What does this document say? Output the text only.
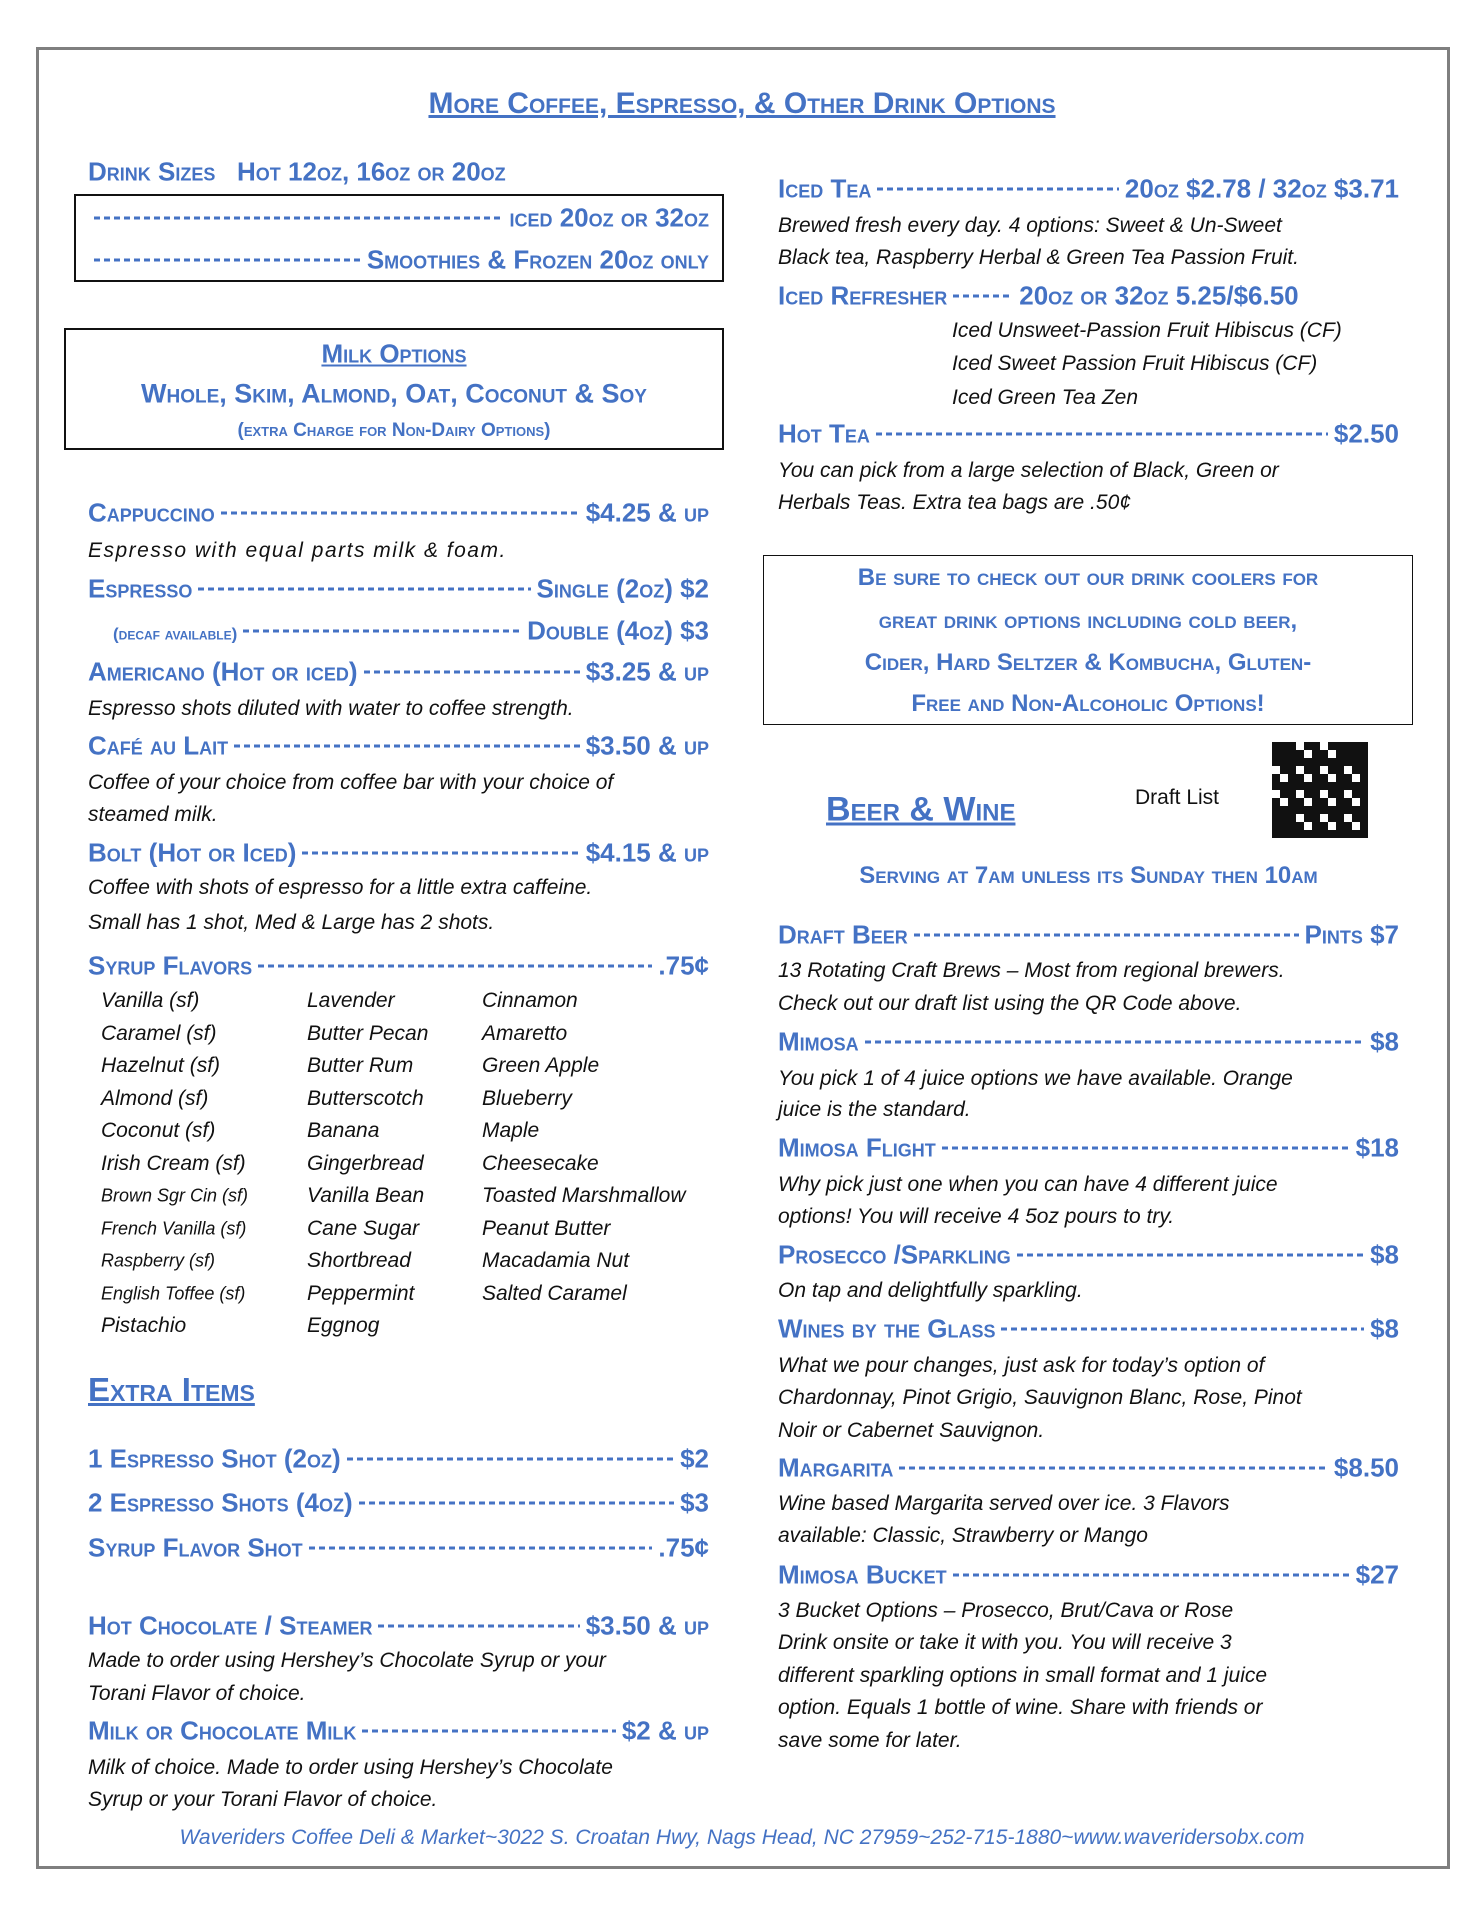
More Coffee, Espresso, & Other Drink Options
Drink Sizes Hot 12oz, 16oz or 20oz
iced 20oz or 32oz
Smoothies & Frozen 20oz only
Milk Options
Whole, Skim, Almond, Oat, Coconut & Soy
(extra Charge for Non-Dairy Options)
Cappuccino	$4.25 & up
Espresso with equal parts milk & foam.
Espresso	Single (2oz) $2
(decaf available)	Double (4oz) $3
Americano (Hot or iced)	$3.25 & up
Espresso shots diluted with water to coffee strength.
Café au Lait	$3.50 & up
Coffee of your choice from coffee bar with your choice of
steamed milk.
Bolt (Hot or Iced)	$4.15 & up
Coffee with shots of espresso for a little extra caffeine.
Small has 1 shot, Med & Large has 2 shots.
Syrup Flavors	.75¢
Vanilla (sf)	Lavender	Cinnamon
Caramel (sf)	Butter Pecan	Amaretto
Hazelnut (sf)	Butter Rum	Green Apple
Almond (sf)	Butterscotch	Blueberry
Coconut (sf)	Banana	Maple
Irish Cream (sf)	Gingerbread	Cheesecake
Brown Sgr Cin (sf)	Vanilla Bean	Toasted Marshmallow
French Vanilla (sf)	Cane Sugar	Peanut Butter
Raspberry (sf)	Shortbread	Macadamia Nut
English Toffee (sf)	Peppermint	Salted Caramel
Pistachio	Eggnog
Extra Items
1 Espresso Shot (2oz)	$2
2 Espresso Shots (4oz)	$3
Syrup Flavor Shot	.75¢
Hot Chocolate / Steamer	$3.50 & up
Made to order using Hershey’s Chocolate Syrup or your
Torani Flavor of choice.
Milk or Chocolate Milk	$2 & up
Milk of choice. Made to order using Hershey’s Chocolate
Syrup or your Torani Flavor of choice.
Iced Tea	20oz $2.78 / 32oz $3.71
Brewed fresh every day. 4 options: Sweet & Un-Sweet
Black tea, Raspberry Herbal & Green Tea Passion Fruit.
Iced Refresher	20oz or 32oz 5.25/$6.50
Iced Unsweet-Passion Fruit Hibiscus (CF)
Iced Sweet Passion Fruit Hibiscus (CF)
Iced Green Tea Zen
Hot Tea	$2.50
You can pick from a large selection of Black, Green or
Herbals Teas. Extra tea bags are .50¢
Be sure to check out our drink coolers for
great drink options including cold beer,
Cider, Hard Seltzer & Kombucha, Gluten-
Free and Non-Alcoholic Options!
Beer & Wine	Draft List
Serving at 7am unless its Sunday then 10am
Draft Beer	Pints $7
13 Rotating Craft Brews – Most from regional brewers.
Check out our draft list using the QR Code above.
Mimosa	$8
You pick 1 of 4 juice options we have available. Orange
juice is the standard.
Mimosa Flight	$18
Why pick just one when you can have 4 different juice
options! You will receive 4 5oz pours to try.
Prosecco /Sparkling	$8
On tap and delightfully sparkling.
Wines by the Glass	$8
What we pour changes, just ask for today’s option of
Chardonnay, Pinot Grigio, Sauvignon Blanc, Rose, Pinot
Noir or Cabernet Sauvignon.
Margarita	$8.50
Wine based Margarita served over ice. 3 Flavors
available: Classic, Strawberry or Mango
Mimosa Bucket	$27
3 Bucket Options – Prosecco, Brut/Cava or Rose
Drink onsite or take it with you. You will receive 3
different sparkling options in small format and 1 juice
option. Equals 1 bottle of wine. Share with friends or
save some for later.
Waveriders Coffee Deli & Market~3022 S. Croatan Hwy, Nags Head, NC 27959~252-715-1880~www.waveridersobx.com
